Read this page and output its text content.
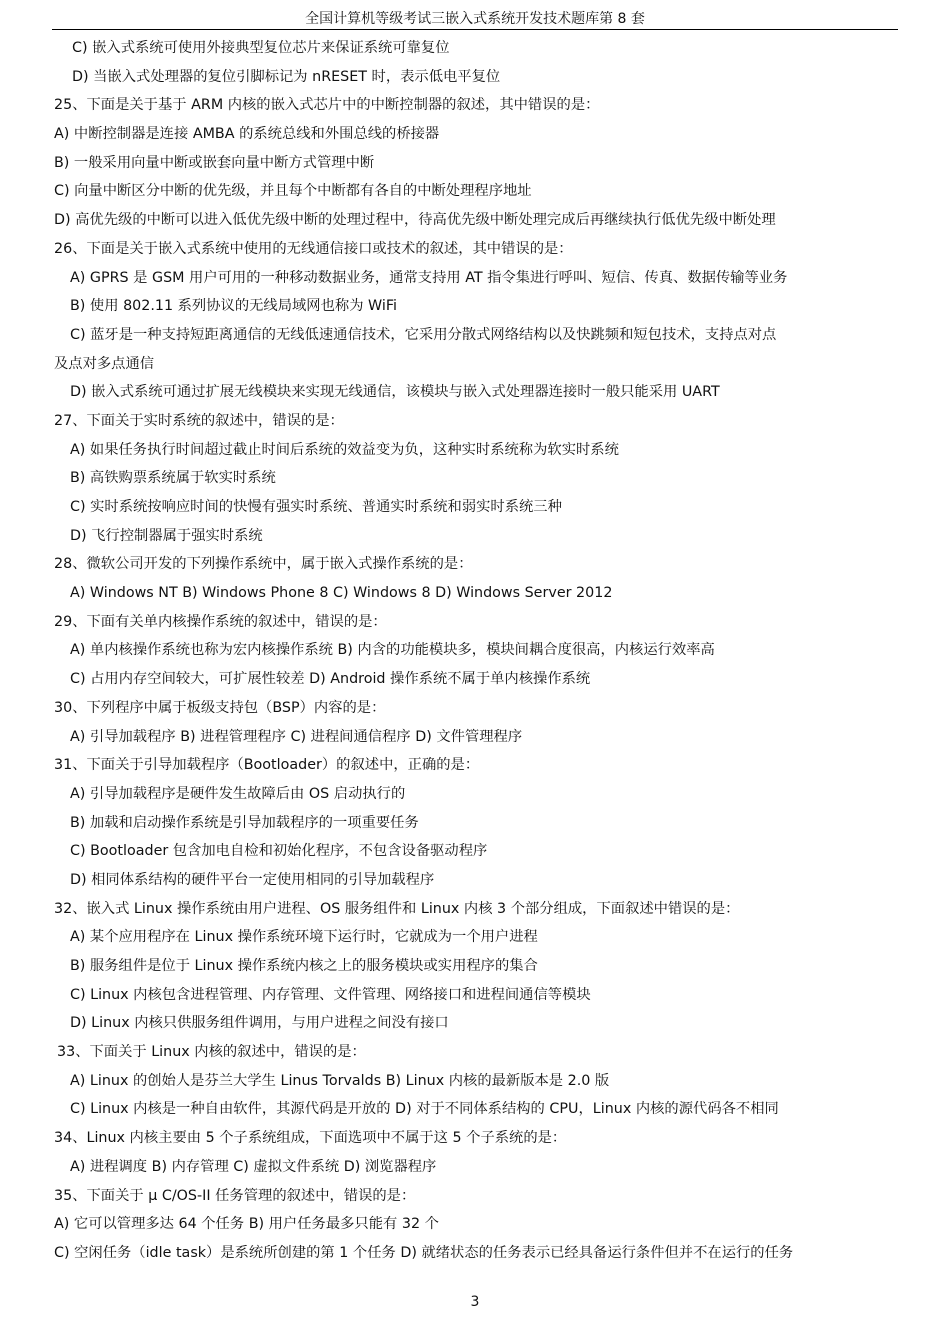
全国计算机等级考试三嵌入式系统开发技术题库第 8 套
C) 嵌入式系统可使用外接典型复位芯片来保证系统可靠复位
D) 当嵌入式处理器的复位引脚标记为 nRESET 时，表示低电平复位
25、下面是关于基于 ARM 内核的嵌入式芯片中的中断控制器的叙述，其中错误的是：
A) 中断控制器是连接 AMBA 的系统总线和外围总线的桥接器
B) 一般采用向量中断或嵌套向量中断方式管理中断
C) 向量中断区分中断的优先级，并且每个中断都有各自的中断处理程序地址
D) 高优先级的中断可以进入低优先级中断的处理过程中，待高优先级中断处理完成后再继续执行低优先级中断处理
26、下面是关于嵌入式系统中使用的无线通信接口或技术的叙述，其中错误的是：
A) GPRS 是 GSM 用户可用的一种移动数据业务，通常支持用 AT 指令集进行呼叫、短信、传真、数据传输等业务
B) 使用 802.11 系列协议的无线局域网也称为 WiFi
C) 蓝牙是一种支持短距离通信的无线低速通信技术，它采用分散式网络结构以及快跳频和短包技术，支持点对点
及点对多点通信
D) 嵌入式系统可通过扩展无线模块来实现无线通信，该模块与嵌入式处理器连接时一般只能采用 UART
27、下面关于实时系统的叙述中，错误的是：
A) 如果任务执行时间超过截止时间后系统的效益变为负，这种实时系统称为软实时系统
B) 高铁购票系统属于软实时系统
C) 实时系统按响应时间的快慢有强实时系统、普通实时系统和弱实时系统三种
D) 飞行控制器属于强实时系统
28、微软公司开发的下列操作系统中，属于嵌入式操作系统的是：
A) Windows NT B) Windows Phone 8 C) Windows 8 D) Windows Server 2012
29、下面有关单内核操作系统的叙述中，错误的是：
A) 单内核操作系统也称为宏内核操作系统 B) 内含的功能模块多，模块间耦合度很高，内核运行效率高
C) 占用内存空间较大，可扩展性较差 D) Android 操作系统不属于单内核操作系统
30、下列程序中属于板级支持包（BSP）内容的是：
A) 引导加载程序 B) 进程管理程序 C) 进程间通信程序 D) 文件管理程序
31、下面关于引导加载程序（Bootloader）的叙述中，正确的是：
A) 引导加载程序是硬件发生故障后由 OS 启动执行的
B) 加载和启动操作系统是引导加载程序的一项重要任务
C) Bootloader 包含加电自检和初始化程序，不包含设备驱动程序
D) 相同体系结构的硬件平台一定使用相同的引导加载程序
32、嵌入式 Linux 操作系统由用户进程、OS 服务组件和 Linux 内核 3 个部分组成，下面叙述中错误的是：
A) 某个应用程序在 Linux 操作系统环境下运行时，它就成为一个用户进程
B) 服务组件是位于 Linux 操作系统内核之上的服务模块或实用程序的集合
C) Linux 内核包含进程管理、内存管理、文件管理、网络接口和进程间通信等模块
D) Linux 内核只供服务组件调用，与用户进程之间没有接口
33、下面关于 Linux 内核的叙述中，错误的是：
A) Linux 的创始人是芬兰大学生 Linus Torvalds B) Linux 内核的最新版本是 2.0 版
C) Linux 内核是一种自由软件，其源代码是开放的 D) 对于不同体系结构的 CPU，Linux 内核的源代码各不相同
34、Linux 内核主要由 5 个子系统组成，下面选项中不属于这 5 个子系统的是：
A) 进程调度 B) 内存管理 C) 虚拟文件系统 D) 浏览器程序
35、下面关于 μ C/OS-II 任务管理的叙述中，错误的是：
A) 它可以管理多达 64 个任务 B) 用户任务最多只能有 32 个
C) 空闲任务（idle task）是系统所创建的第 1 个任务 D) 就绪状态的任务表示已经具备运行条件但并不在运行的任务
3
